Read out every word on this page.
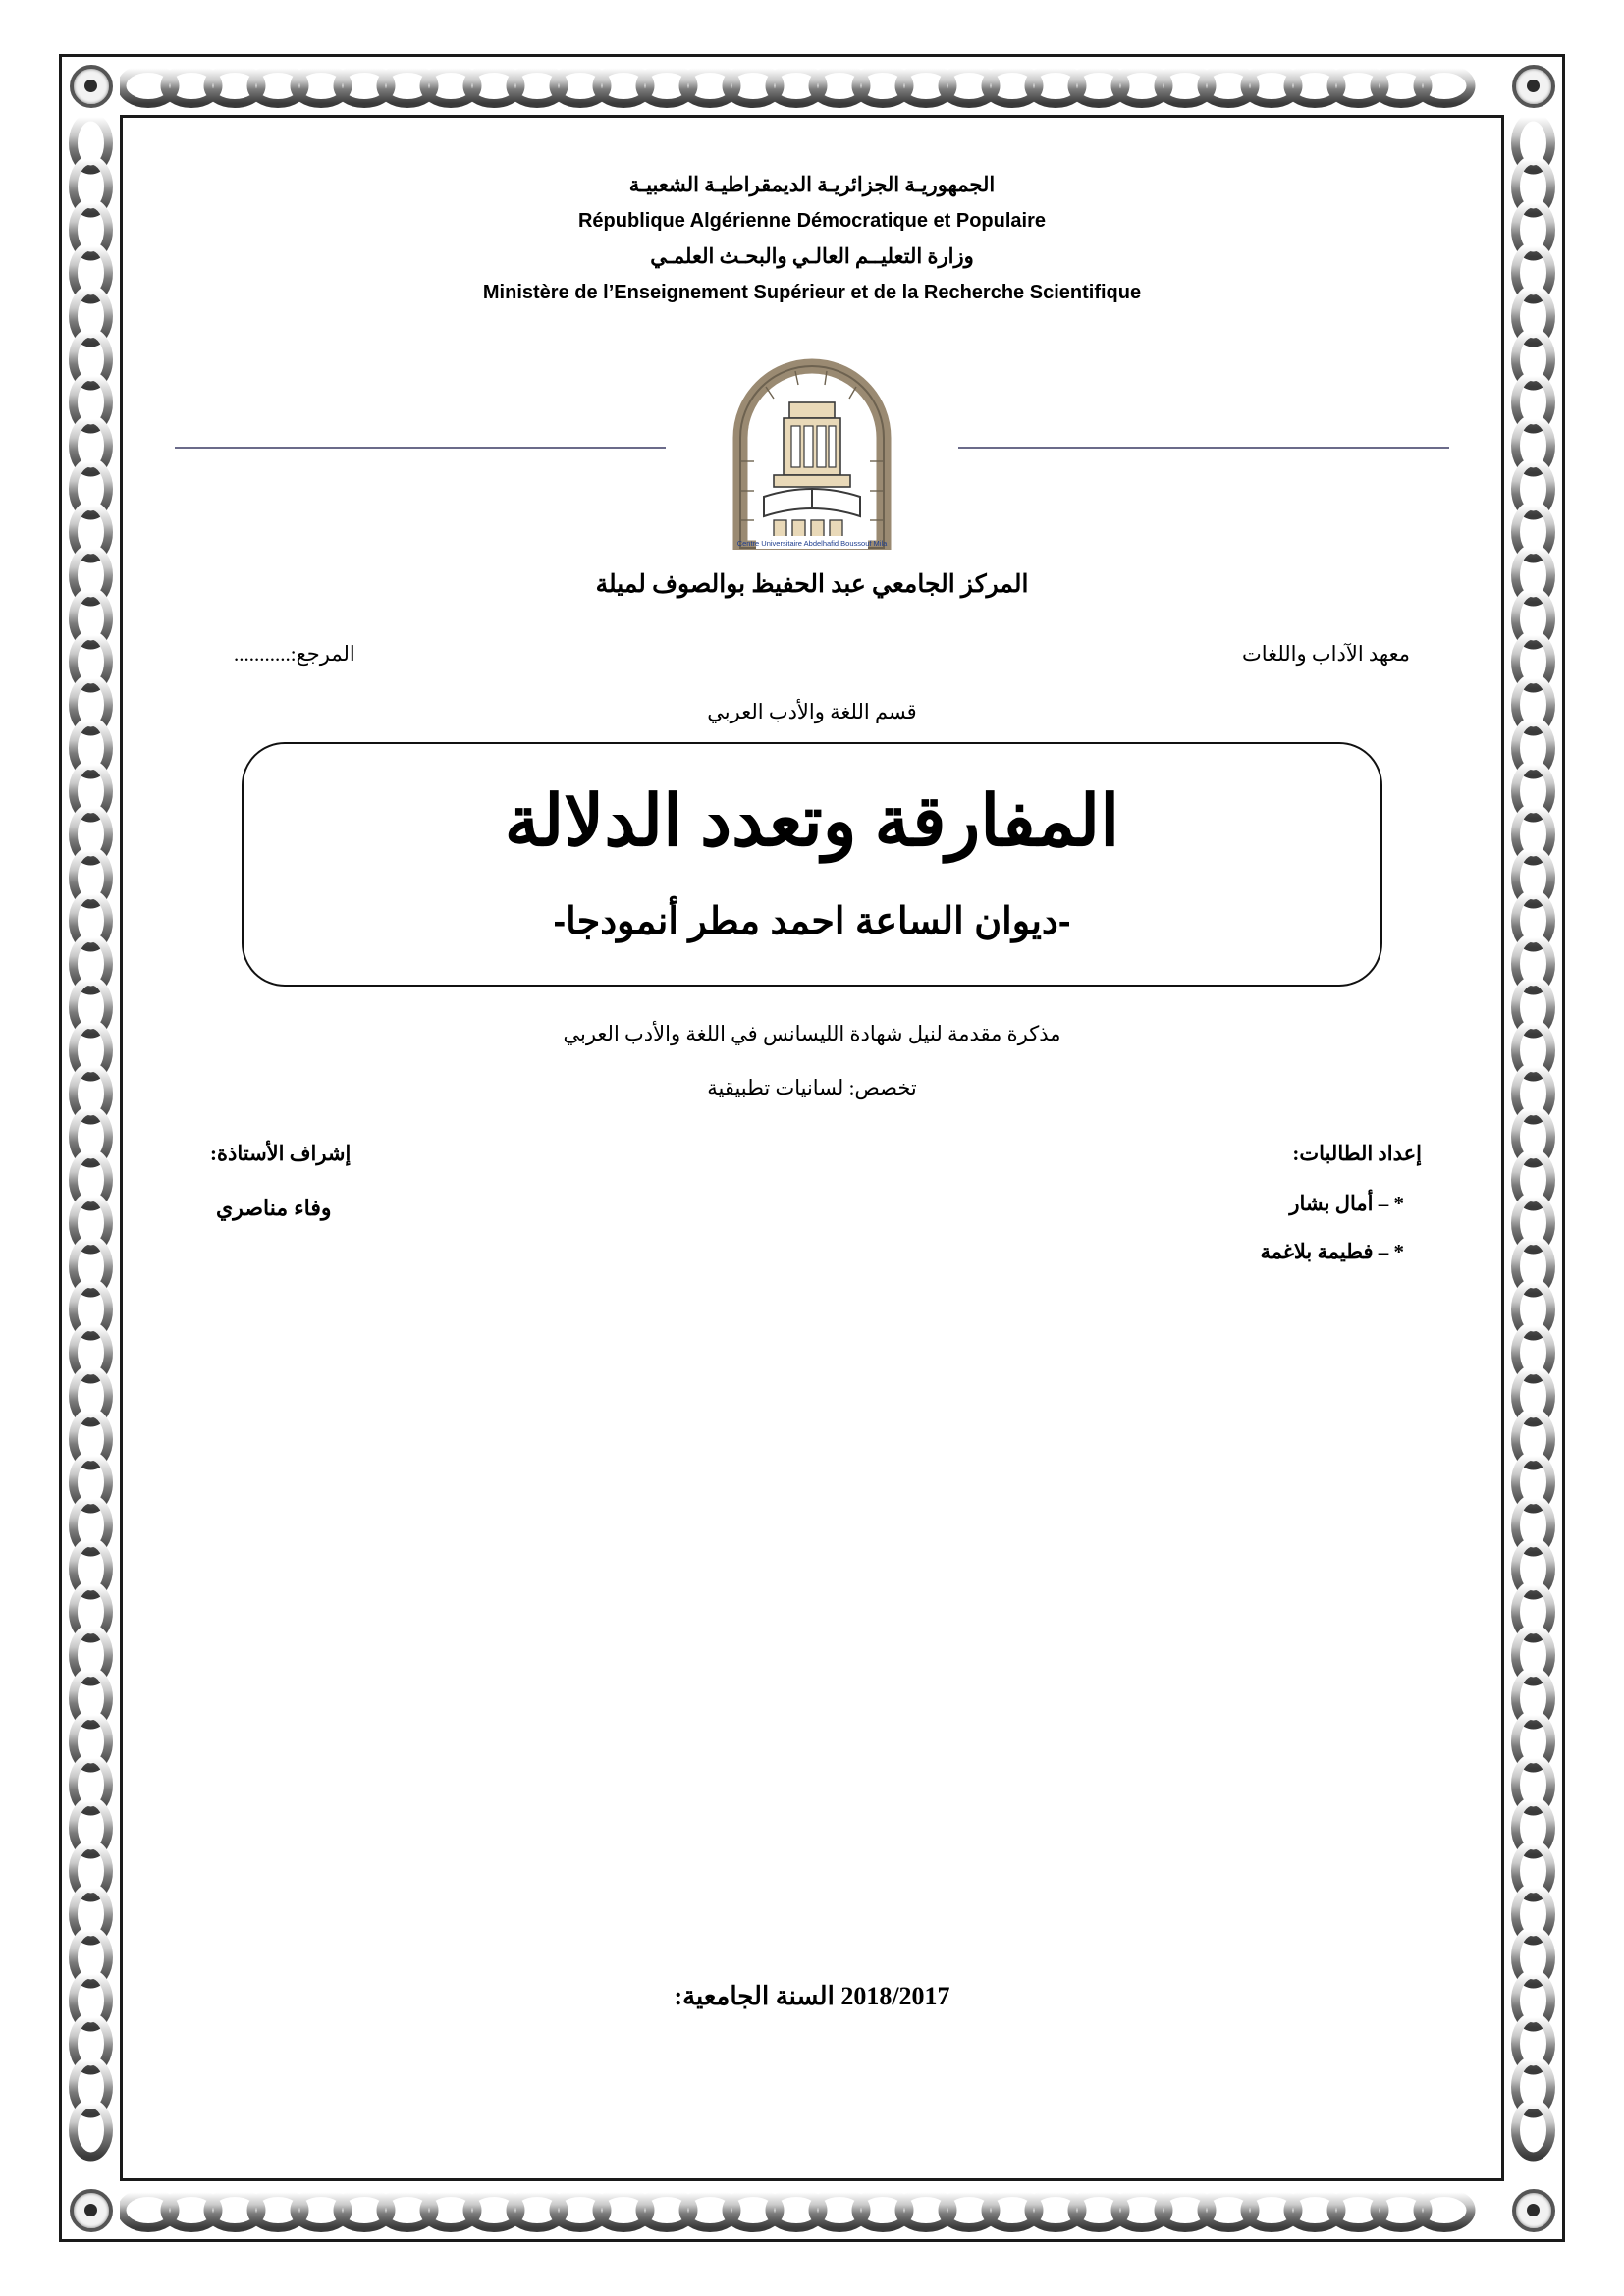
الجمهوريـة الجزائريـة الديمقراطيـة الشعبيـة
République Algérienne Démocratique et Populaire
وزارة التعليــم العالـي والبحـث العلمـي
Ministère de l’Enseignement Supérieur et de la Recherche Scientifique
Centre Universitaire Abdelhafid Boussouf Mila
المركز الجامعي عبد الحفيظ بوالصوف لميلة
معهد الآداب واللغات
المرجع:...........
قسم اللغة والأدب العربي
المفارقة وتعدد الدلالة
-ديوان الساعة احمد مطر أنمودجا-
مذكرة مقدمة لنيل شهادة الليسانس في اللغة والأدب العربي
تخصص: لسانيات تطبيقية
إعداد الطالبات:
* – أمال بشار
* – فطيمة بلاغمة
إشراف الأستاذة:
وفاء مناصري
2018/2017 السنة الجامعية:
